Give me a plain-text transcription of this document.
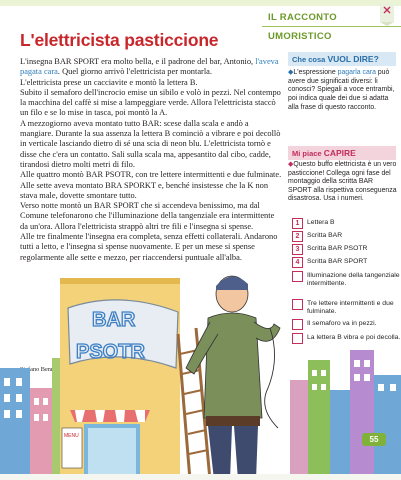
IL RACCONTO UMORISTICO
L'elettricista pasticcione

L'insegna BAR SPORT era molto bella, e il padrone del bar, Antonio, l'aveva pagata cara. Quel giorno arrivò l'elettricista per montarla.

L'elettricista prese un cacciavite e montò la lettera B.

Subito il semaforo dell'incrocio emise un sibilo e volò in pezzi. Nel contempo la macchina del caffè si mise a lampeggiare verde. Allora l'elettricista staccò un filo e se lo mise in tasca, poi montò la A.

A mezzogiorno aveva montato tutto BAR: scese dalla scala e andò a mangiare. Durante la sua assenza la lettera B cominciò a vibrare e poi decollò in verticale lasciando dietro di sé una scia di neon blu. L'elettricista tornò e disse che c'era un contatto. Sali sulla scala ma, appesantito dal cibo, cadde, tirandosi dietro molti metri di filo.

Alle quattro montò BAR PSOTR, con tre lettere intermittenti e due fulminate. Alle sette aveva montato BRA SPORKT e, benché insistesse che la K non stava male, dovette smontare tutto.

Verso notte montò un BAR SPORT che si accendeva benissimo, ma dal Comune telefonarono che l'illuminazione della tangenziale era intermittente da un'ora. Allora l'elettricista strappò altri tre fili e l'insegna si spense.

Alle tre finalmente l'insegna era completa, senza effetti collaterali. Andarono tutti a letto, e l'insegna si spense nuovamente. E per un mese si spense regolarmente alle sette e mezzo, per riaccendersi puntuale all'alba.

Benni,
Che cosa VUOL DIRE?
◆L'espressione pagarla cara può avere due significati diversi: li conosci? Spiegali a voce entrambi, poi indica quale dei due si adatta alla frase di questo racconto.
Mi piace CAPIRE
◆Questo buffo elettricista è un vero pasticcione! Collega ogni fase del montaggio della scritta BAR SPORT alla rispettiva conseguenza disastrosa. Usa i numeri.
1	Lettera B
2	Scritta BAR
3	Scritta BAR PSOTR
4	Scritta BAR SPORT
Illuminazione della tangenziale intermittente.
Tre lettere intermittenti e due fulminate.
Il semaforo va in pezzi.
La lettera B vibra e poi decolla.
MENU
BAR
PSOTR
55
